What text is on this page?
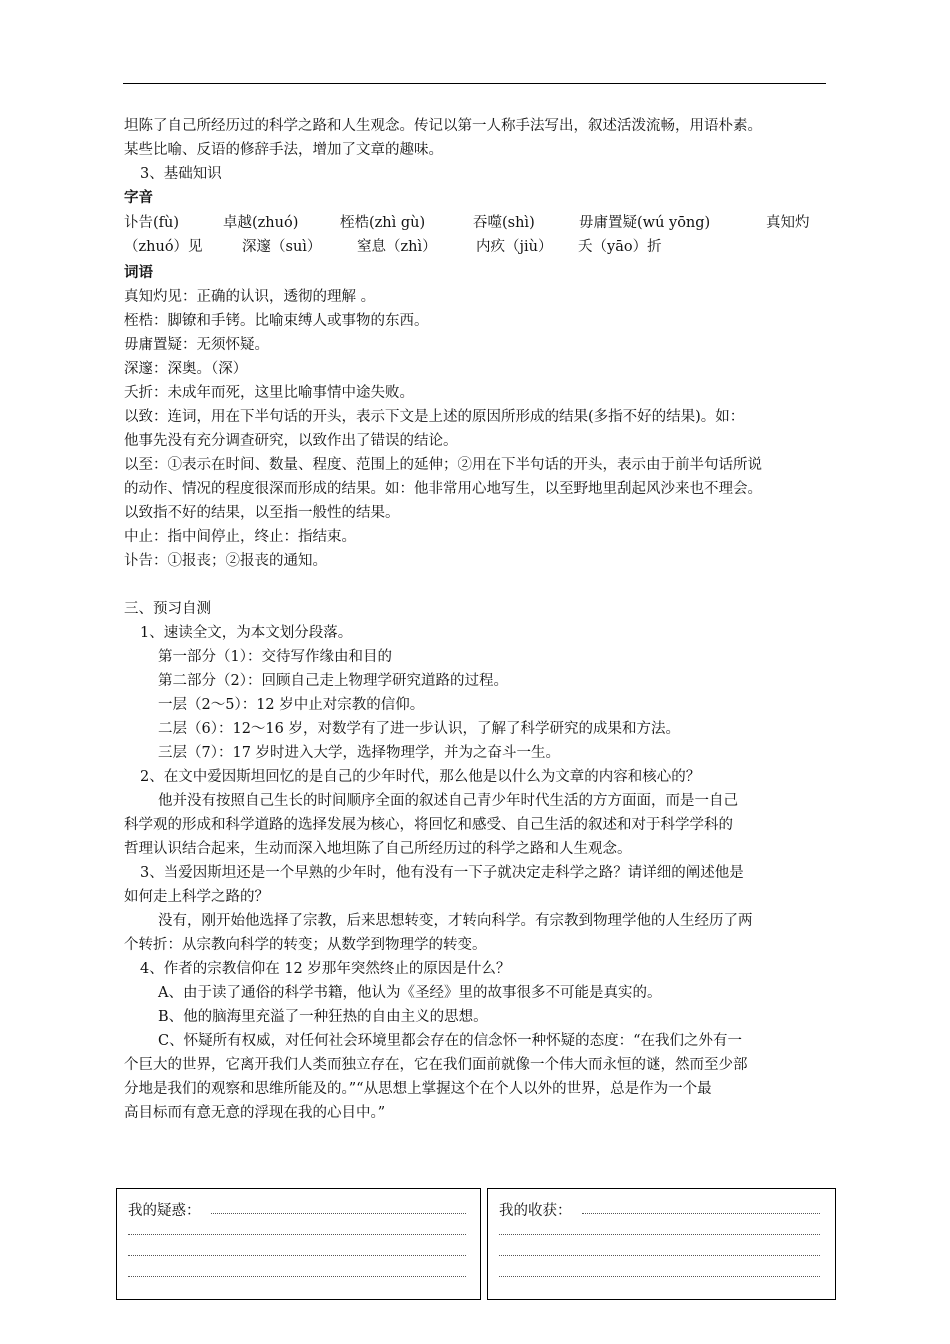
坦陈了自己所经历过的科学之路和人生观念。传记以第一人称手法写出，叙述活泼流畅，用语朴素。
某些比喻、反语的修辞手法，增加了文章的趣味。
3、基础知识
字音
讣告(fù)	卓越(zhuó)	桎梏(zhì gù)	吞噬(shì)	毋庸置疑(wú yōng)	真知灼
（zhuó）见	深邃（suì） 窒息（zhì）	内疚（jiù） 夭（yāo）折
词语
真知灼见：正确的认识，透彻的理解 。
桎梏：脚镣和手铐。比喻束缚人或事物的东西。
毋庸置疑：无须怀疑。
深邃：深奥。（深）
夭折：未成年而死，这里比喻事情中途失败。
以致：连词，用在下半句话的开头，表示下文是上述的原因所形成的结果(多指不好的结果)。如：
他事先没有充分调查研究，以致作出了错误的结论。
以至：①表示在时间、数量、程度、范围上的延伸；②用在下半句话的开头，表示由于前半句话所说
的动作、情况的程度很深而形成的结果。如：他非常用心地写生，以至野地里刮起风沙来也不理会。
以致指不好的结果，以至指一般性的结果。
中止：指中间停止，终止：指结束。
讣告：①报丧；②报丧的通知。
三、预习自测
1、速读全文，为本文划分段落。
第一部分（1）：交待写作缘由和目的
第二部分（2）：回顾自己走上物理学研究道路的过程。
一层（2～5）：12 岁中止对宗教的信仰。
二层（6）：12～16 岁，对数学有了进一步认识，了解了科学研究的成果和方法。
三层（7）：17 岁时进入大学，选择物理学，并为之奋斗一生。
2、在文中爱因斯坦回忆的是自己的少年时代，那么他是以什么为文章的内容和核心的？
他并没有按照自己生长的时间顺序全面的叙述自己青少年时代生活的方方面面，而是一自己
科学观的形成和科学道路的选择发展为核心，将回忆和感受、自己生活的叙述和对于科学学科的
哲理认识结合起来，生动而深入地坦陈了自己所经历过的科学之路和人生观念。
3、当爱因斯坦还是一个早熟的少年时，他有没有一下子就决定走科学之路？请详细的阐述他是
如何走上科学之路的？
没有，刚开始他选择了宗教，后来思想转变，才转向科学。有宗教到物理学他的人生经历了两
个转折：从宗教向科学的转变；从数学到物理学的转变。
4、作者的宗教信仰在 12 岁那年突然终止的原因是什么？
A、由于读了通俗的科学书籍，他认为《圣经》里的故事很多不可能是真实的。
B、他的脑海里充溢了一种狂热的自由主义的思想。
C、怀疑所有权威，对任何社会环境里都会存在的信念怀一种怀疑的态度：“在我们之外有一
个巨大的世界，它离开我们人类而独立存在，它在我们面前就像一个伟大而永恒的谜，然而至少部
分地是我们的观察和思维所能及的。”“从思想上掌握这个在个人以外的世界，总是作为一个最
高目标而有意无意的浮现在我的心目中。”
我的疑惑：	我的收获：
